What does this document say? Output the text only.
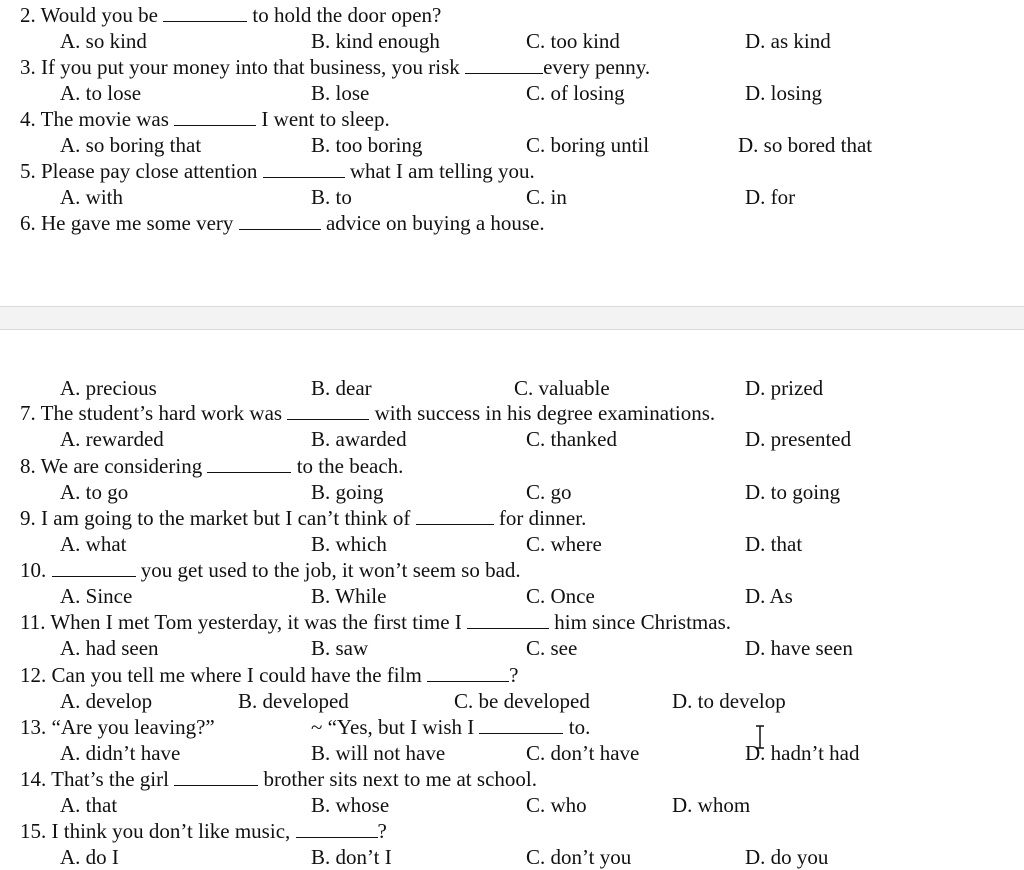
2. Would you be	to hold the door open?
A. so kind	B. kind enough	C. too kind	D. as kind
3. If you put your money into that business, you risk	every penny.
A. to lose	B. lose	C. of losing	D. losing
4. The movie was	I went to sleep.
A. so boring that	B. too boring	C. boring until	D. so bored that
5. Please pay close attention	what I am telling you.
A. with	B. to	C. in	D. for
6. He gave me some very	advice on buying a house.
A. precious	B. dear	C. valuable	D. prized
7. The student’s hard work was	with success in his degree examinations.
A. rewarded	B. awarded	C. thanked	D. presented
8. We are considering	to the beach.
A. to go	B. going	C. go	D. to going
9. I am going to the market but I can’t think of	for dinner.
A. what	B. which	C. where	D. that
10.	you get used to the job, it won’t seem so bad.
A. Since	B. While	C. Once	D. As
11. When I met Tom yesterday, it was the first time I	him since Christmas.
A. had seen	B. saw	C. see	D. have seen
12. Can you tell me where I could have the film	?
A. develop	B. developed	C. be developed	D. to develop
13. “Are you leaving?”	~ “Yes, but I wish I	to.
A. didn’t have	B. will not have	C. don’t have	D. hadn’t had
14. That’s the girl	brother sits next to me at school.
A. that	B. whose	C. who	D. whom
15. I think you don’t like music,	?
A. do I	B. don’t I	C. don’t you	D. do you
